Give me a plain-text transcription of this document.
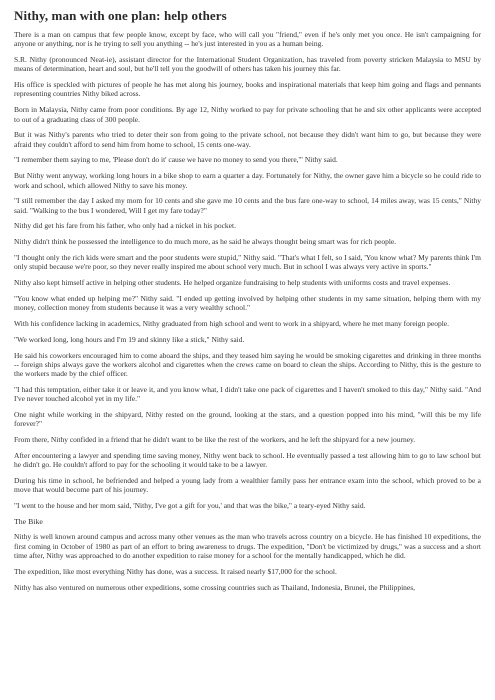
Nithy, man with one plan: help others

There is a man on campus that few people know, except by face, who will call you "friend," even if he's only met you once. He isn't campaigning for anyone or anything, nor is he trying to sell you anything -- he's just interested in you as a human being.

S.R. Nithy (pronounced Neat-ie), assistant director for the International Student Organization, has traveled from poverty stricken Malaysia to MSU by means of determination, heart and soul, but he'll tell you the goodwill of others has taken his journey this far.

His office is speckled with pictures of people he has met along his journey, books and inspirational materials that keep him going and flags and pennants representing countries Nithy biked across.

Born in Malaysia, Nithy came from poor conditions. By age 12, Nithy worked to pay for private schooling that he and six other applicants were accepted to out of a graduating class of 300 people.

But it was Nithy's parents who tried to deter their son from going to the private school, not because they didn't want him to go, but because they were afraid they couldn't afford to send him from home to school, 15 cents one-way.

"I remember them saying to me, 'Please don't do it' cause we have no money to send you there,'" Nithy said.

But Nithy went anyway, working long hours in a bike shop to earn a quarter a day. Fortunately for Nithy, the owner gave him a bicycle so he could ride to work and school, which allowed Nithy to save his money.

"I still remember the day I asked my mom for 10 cents and she gave me 10 cents and the bus fare one-way to school, 14 miles away, was 15 cents," Nithy said. "Walking to the bus I wondered, Will I get my fare today?"

Nithy did get his fare from his father, who only had a nickel in his pocket.

Nithy didn't think he possessed the intelligence to do much more, as he said he always thought being smart was for rich people.

"I thought only the rich kids were smart and the poor students were stupid," Nithy said. "That's what I felt, so I said, 'You know what? My parents think I'm only stupid because we're poor, so they never really inspired me about school very much. But in school I was always very active in sports."

Nithy also kept himself active in helping other students. He helped organize fundraising to help students with uniforms costs and travel expenses.

"You know what ended up helping me?" Nithy said. "I ended up getting involved by helping other students in my same situation, helping them with my money, collection money from students because it was a very wealthy school."

With his confidence lacking in academics, Nithy graduated from high school and went to work in a shipyard, where he met many foreign people.

"We worked long, long hours and I'm 19 and skinny like a stick," Nithy said.

He said his coworkers encouraged him to come aboard the ships, and they teased him saying he would be smoking cigarettes and drinking in three months -- foreign ships always gave the workers alcohol and cigarettes when the crews came on board to clean the ships. According to Nithy, this is the gesture to the workers made by the chief officer.

"I had this temptation, either take it or leave it, and you know what, I didn't take one pack of cigarettes and I haven't smoked to this day," Nithy said. "And I've never touched alcohol yet in my life."

One night while working in the shipyard, Nithy rested on the ground, looking at the stars, and a question popped into his mind, "will this be my life forever?"

From there, Nithy confided in a friend that he didn't want to be like the rest of the workers, and he left the shipyard for a new journey.

After encountering a lawyer and spending time saving money, Nithy went back to school. He eventually passed a test allowing him to go to law school but he didn't go. He couldn't afford to pay for the schooling it would take to be a lawyer.

During his time in school, he befriended and helped a young lady from a wealthier family pass her entrance exam into the school, which proved to be a move that would become part of his journey.

"I went to the house and her mom said, 'Nithy, I've got a gift for you,' and that was the bike," a teary-eyed Nithy said.

The Bike

Nithy is well known around campus and across many other venues as the man who travels across country on a bicycle. He has finished 10 expeditions, the first coming in October of 1980 as part of an effort to bring awareness to drugs. The expedition, "Don't be victimized by drugs," was a success and a short time after, Nithy was approached to do another expedition to raise money for a school for the mentally handicapped, which he did.

The expedition, like most everything Nithy has done, was a success. It raised nearly $17,000 for the school.

Nithy has also ventured on numerous other expeditions, some crossing countries such as Thailand, Indonesia, Brunei, the Philippines,
